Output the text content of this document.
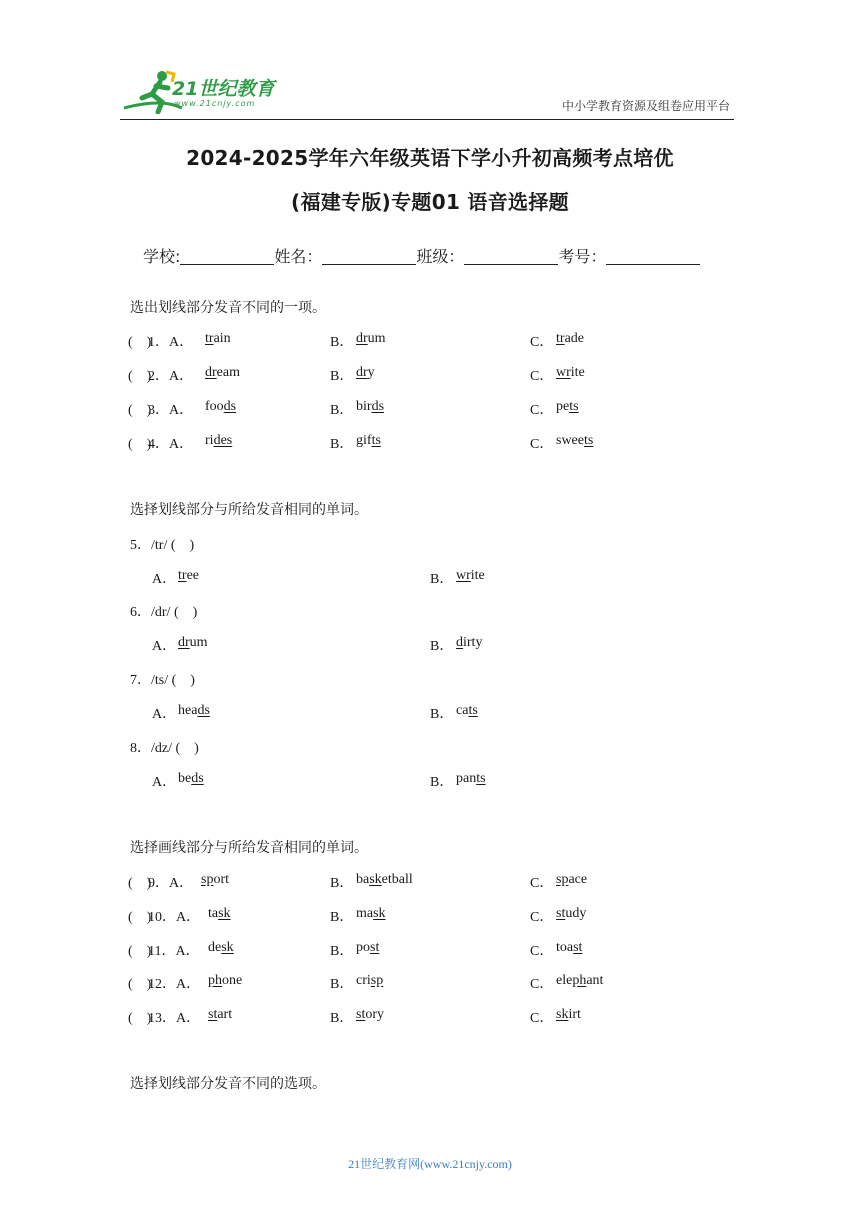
21世纪教育
www.21cnjy.com	中小学教育资源及组卷应用平台
2024-2025学年六年级英语下学小升初高频考点培优
(福建专版)专题01 语音选择题
学校:	姓名：	班级：	考号：
选出划线部分发音不同的一项。
选择划线部分与所给发音相同的单词。
选择画线部分与所给发音相同的单词。
选择划线部分发音不同的选项。
21世纪教育网(www.21cnjy.com)
(　)
1．A． train	B． drum	C． trade
(　)
2．A． dream	B． dry	C． write
(　)
3．A． foods	B． birds	C． pets
(　)
4．A． rides	B． gifts	C． sweets
5．/tr/ (　)
A． tree	B． write
6．/dr/ (　)
A． drum	B． dirty
7．/ts/ (　)
A． heads	B． cats
8．/dz/ (　)
A． beds	B． pants
(　)
9．A． sport	B． basketball	C． space
(　)
10．A． task	B． mask	C． study
(　)
11．A． desk	B． post	C． toast
(　)
12．A． phone	B． crisp	C． elephant
(　)
13．A． start	B． story	C． skirt
